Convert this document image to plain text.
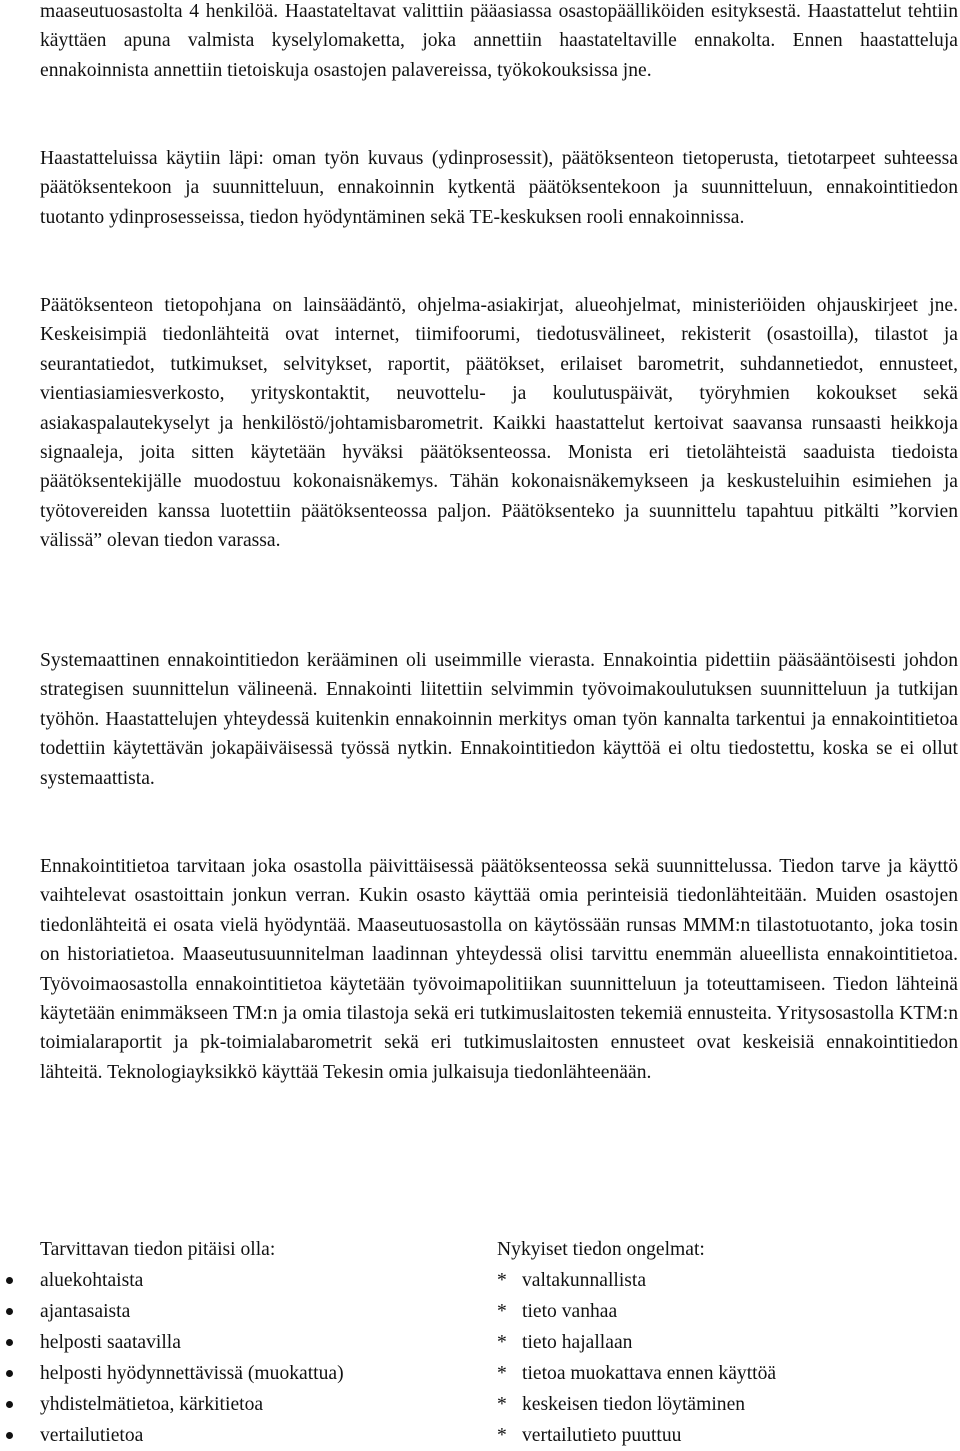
maaseutuosastolta 4 henkilöä. Haastateltavat valittiin pääasiassa osastopäälliköiden esityksestä. Haastattelut tehtiin käyttäen apuna valmista kyselylomaketta, joka annettiin haastateltaville ennakolta. Ennen haastatteluja ennakoinnista annettiin tietoiskuja osastojen palavereissa, työkokouksissa jne.

Haastatteluissa käytiin läpi: oman työn kuvaus (ydinprosessit), päätöksenteon tietoperusta, tietotarpeet suhteessa päätöksentekoon ja suunnitteluun, ennakoinnin kytkentä päätöksentekoon ja suunnitteluun, ennakointitiedon tuotanto ydinprosesseissa, tiedon hyödyntäminen sekä TE-keskuksen rooli ennakoinnissa.

Päätöksenteon tietopohjana on lainsäädäntö, ohjelma-asiakirjat, alueohjelmat, ministeriöiden ohjauskirjeet jne. Keskeisimpiä tiedonlähteitä ovat internet, tiimifoorumi, tiedotusvälineet, rekisterit (osastoilla), tilastot ja seurantatiedot, tutkimukset, selvitykset, raportit, päätökset, erilaiset barometrit, suhdannetiedot, ennusteet, vientiasiamiesverkosto, yrityskontaktit, neuvottelu- ja koulutuspäivät, työryhmien kokoukset sekä asiakaspalautekyselyt ja henkilöstö/johtamisbarometrit. Kaikki haastattelut kertoivat saavansa runsaasti heikkoja signaaleja, joita sitten käytetään hyväksi päätöksenteossa. Monista eri tietolähteistä saaduista tiedoista päätöksentekijälle muodostuu kokonaisnäkemys. Tähän kokonaisnäkemykseen ja keskusteluihin esimiehen ja työtovereiden kanssa luotettiin päätöksenteossa paljon. Päätöksenteko ja suunnittelu tapahtuu pitkälti ”korvien välissä” olevan tiedon varassa.

Systemaattinen ennakointitiedon kerääminen oli useimmille vierasta. Ennakointia pidettiin pääsääntöisesti johdon strategisen suunnittelun välineenä. Ennakointi liitettiin selvimmin työvoimakoulutuksen suunnitteluun ja tutkijan työhön. Haastattelujen yhteydessä kuitenkin ennakoinnin merkitys oman työn kannalta tarkentui ja ennakointitietoa todettiin käytettävän jokapäiväisessä työssä nytkin. Ennakointitiedon käyttöä ei oltu tiedostettu, koska se ei ollut systemaattista.

Ennakointitietoa tarvitaan joka osastolla päivittäisessä päätöksenteossa sekä suunnittelussa. Tiedon tarve ja käyttö vaihtelevat osastoittain jonkun verran. Kukin osasto käyttää omia perinteisiä tiedonlähteitään. Muiden osastojen tiedonlähteitä ei osata vielä hyödyntää. Maaseutuosastolla on käytössään runsas MMM:n tilastotuotanto, joka tosin on historiatietoa. Maaseutusuunnitelman laadinnan yhteydessä olisi tarvittu enemmän alueellista ennakointitietoa. Työvoimaosastolla ennakointitietoa käytetään työvoimapolitiikan suunnitteluun ja toteuttamiseen. Tiedon lähteinä käytetään enimmäkseen TM:n ja omia tilastoja sekä eri tutkimuslaitosten tekemiä ennusteita. Yritysosastolla KTM:n toimialaraportit ja pk-toimialabarometrit sekä eri tutkimuslaitosten ennusteet ovat keskeisiä ennakointitiedon lähteitä. Teknologiayksikkö käyttää Tekesin omia julkaisuja tiedonlähteenään.

Tarvittavan tiedon pitäisi olla:
aluekohtaista
ajantasaista
helposti saatavilla
helposti hyödynnettävissä (muokattua)
yhdistelmätietoa, kärkitietoa
vertailutietoa
Nykyiset tiedon ongelmat:
* valtakunnallista
* tieto vanhaa
* tieto hajallaan
* tietoa muokattava ennen käyttöä
* keskeisen tiedon löytäminen
* vertailutieto puuttuu
